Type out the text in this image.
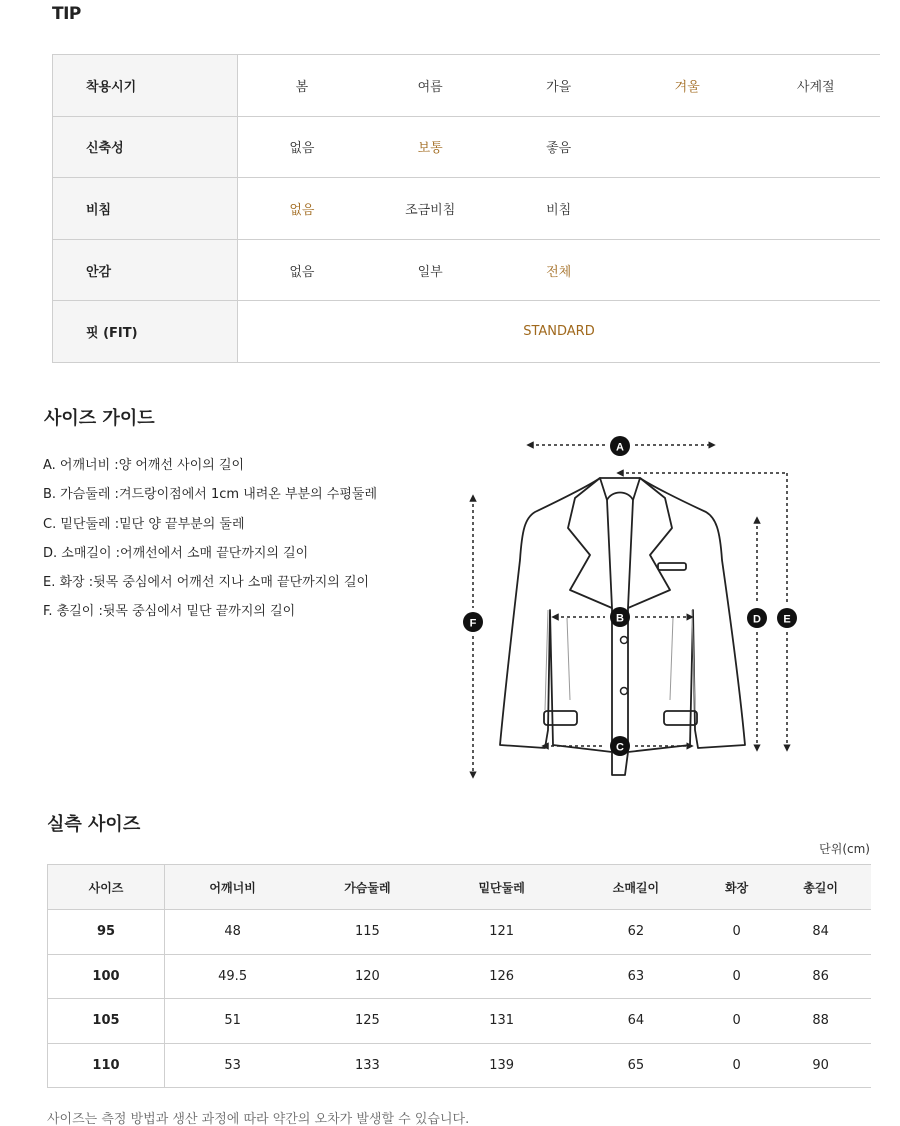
TIP
착용시기	봄	여름	가을	겨울	사계절
신축성	없음	보통	좋음		
비침	없음	조금비침	비침		
안감	없음	일부	전체		
핏 (FIT)	STANDARD				
사이즈 가이드
A. 어깨너비 :양 어깨선 사이의 길이
B. 가슴둘레 :겨드랑이점에서 1cm 내려온 부분의 수평둘레
C. 밑단둘레 :밑단 양 끝부분의 둘레
D. 소매길이 :어깨선에서 소매 끝단까지의 길이
E. 화장 :뒷목 중심에서 어깨선 지나 소매 끝단까지의 길이
F. 총길이 :뒷목 중심에서 밑단 끝까지의 길이
A
B
C
D E
F
실측 사이즈
단위(cm)
사이즈	어깨너비	가슴둘레	밑단둘레	소매길이	화장	총길이
95	48	115	121	62	0	84
100	49.5	120	126	63	0	86
105	51	125	131	64	0	88
110	53	133	139	65	0	90
사이즈는 측정 방법과 생산 과정에 따라 약간의 오차가 발생할 수 있습니다.
